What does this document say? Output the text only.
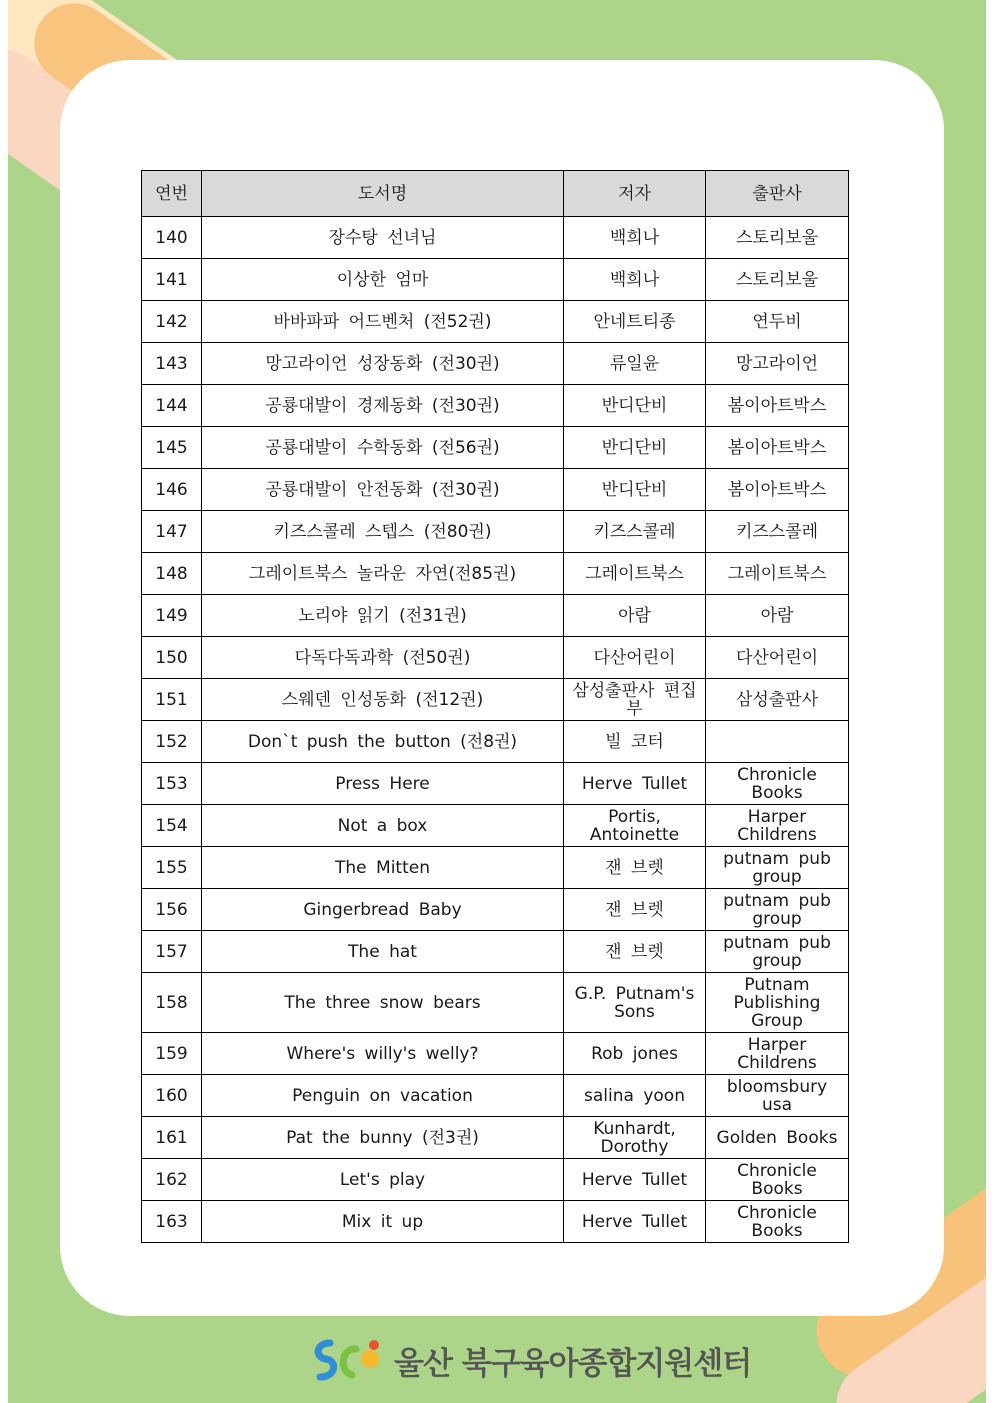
연번	도서명	저자	출판사
140	장수탕 선녀님	백희나	스토리보울
141	이상한 엄마	백희나	스토리보울
142	바바파파 어드벤처 (전52권)	안네트티종	연두비
143	망고라이언 성장동화 (전30권)	류일윤	망고라이언
144	공룡대발이 경제동화 (전30권)	반디단비	봄이아트박스
145	공룡대발이 수학동화 (전56권)	반디단비	봄이아트박스
146	공룡대발이 안전동화 (전30권)	반디단비	봄이아트박스
147	키즈스콜레 스텝스 (전80권)	키즈스콜레	키즈스콜레
148	그레이트북스 놀라운 자연(전85권)	그레이트북스	그레이트북스
149	노리야 읽기 (전31권)	아람	아람
150	다독다독과학 (전50권)	다산어린이	다산어린이
151	스웨덴 인성동화 (전12권)	삼성출판사 편집부	삼성출판사
152	Don`t push the button (전8권)	빌 코터	
153	Press Here	Herve Tullet	Chronicle Books
154	Not a box	Portis, Antoinette	Harper Childrens
155	The Mitten	잰 브렛	putnam pub group
156	Gingerbread Baby	잰 브렛	putnam pub group
157	The hat	잰 브렛	putnam pub group
158	The three snow bears	G.P. Putnam's Sons	Putnam Publishing Group
159	Where's willy's welly?	Rob jones	Harper Childrens
160	Penguin on vacation	salina yoon	bloomsbury usa
161	Pat the bunny (전3권)	Kunhardt, Dorothy	Golden Books
162	Let's play	Herve Tullet	Chronicle Books
163	Mix it up	Herve Tullet	Chronicle Books
울산 북구육아종합지원센터
